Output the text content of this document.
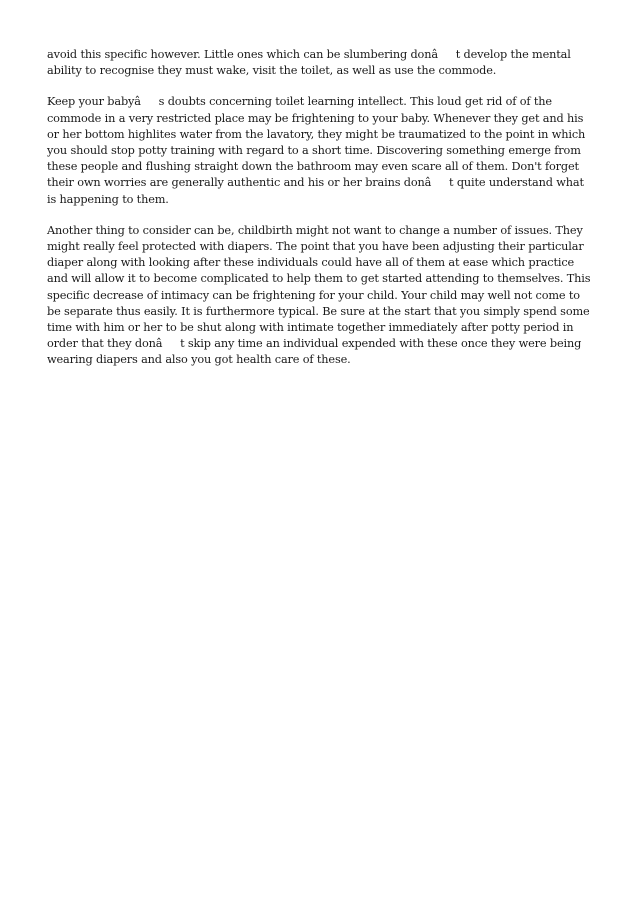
avoid this specific however. Little ones which can be slumbering donât develop the mental ability to recognise they must wake, visit the toilet, as well as use the commode.

Keep your babyâs doubts concerning toilet learning intellect. This loud get rid of of the commode in a very restricted place may be frightening to your baby. Whenever they get and his or her bottom highlites water from the lavatory, they might be traumatized to the point in which you should stop potty training with regard to a short time. Discovering something emerge from these people and flushing straight down the bathroom may even scare all of them. Don't forget their own worries are generally authentic and his or her brains donât quite understand what is happening to them.

Another thing to consider can be, childbirth might not want to change a number of issues. They might really feel protected with diapers. The point that you have been adjusting their particular diaper along with looking after these individuals could have all of them at ease which practice and will allow it to become complicated to help them to get started attending to themselves. This specific decrease of intimacy can be frightening for your child. Your child may well not come to be separate thus easily. It is furthermore typical. Be sure at the start that you simply spend some time with him or her to be shut along with intimate together immediately after potty period in order that they donât skip any time an individual expended with these once they were being wearing diapers and also you got health care of these.
